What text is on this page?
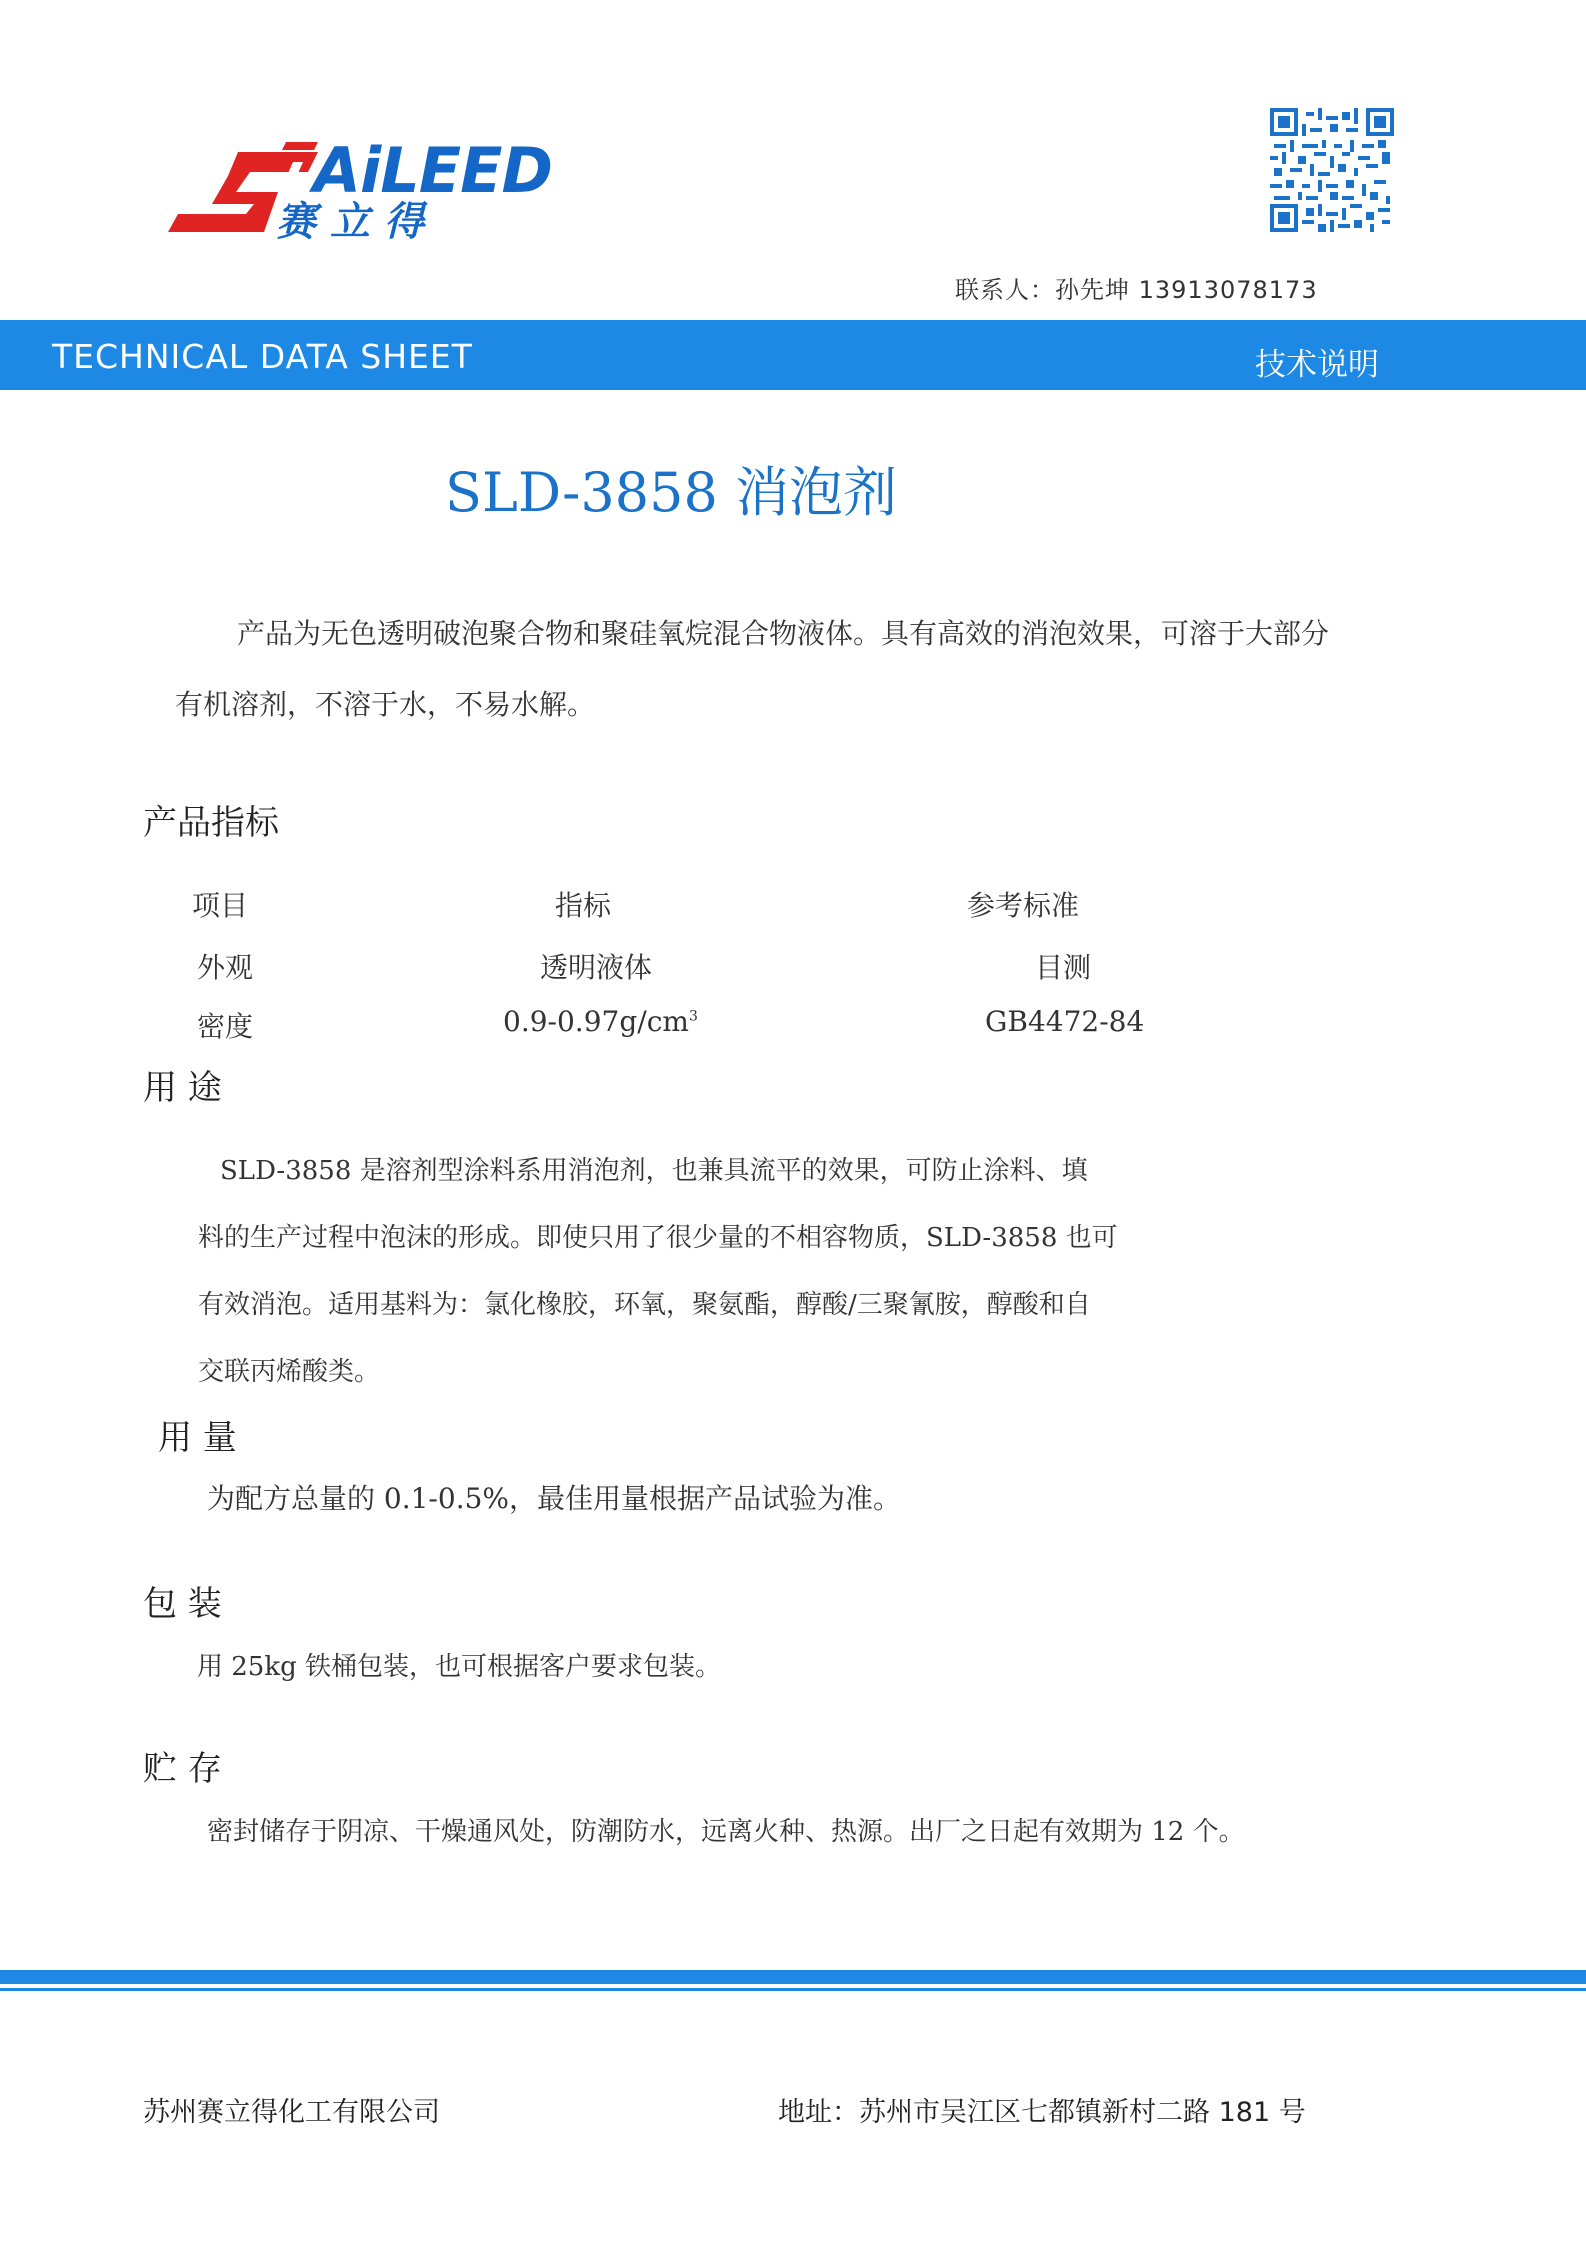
AiLEED
赛立得
联系人：孙先坤 13913078173
TECHNICAL DATA SHEET	技术说明
SLD-3858 消泡剂
产品为无色透明破泡聚合物和聚硅氧烷混合物液体。具有高效的消泡效果，可溶于大部分
有机溶剂，不溶于水，不易水解。
产品指标
项目	指标	参考标准
外观	透明液体	目测
密度	$0.9-0.97g/cm^3$	GB4472-84
用 途
SLD-3858 是溶剂型涂料系用消泡剂，也兼具流平的效果，可防止涂料、填
料的生产过程中泡沫的形成。即使只用了很少量的不相容物质，SLD-3858 也可
有效消泡。适用基料为：氯化橡胶，环氧，聚氨酯，醇酸/三聚氰胺，醇酸和自
交联丙烯酸类。
用 量
为配方总量的 0.1-0.5%，最佳用量根据产品试验为准。
包 装
用 25kg 铁桶包装，也可根据客户要求包装。
贮 存
密封储存于阴凉、干燥通风处，防潮防水，远离火种、热源。出厂之日起有效期为 12 个。
苏州赛立得化工有限公司	地址：苏州市吴江区七都镇新村二路 181 号
